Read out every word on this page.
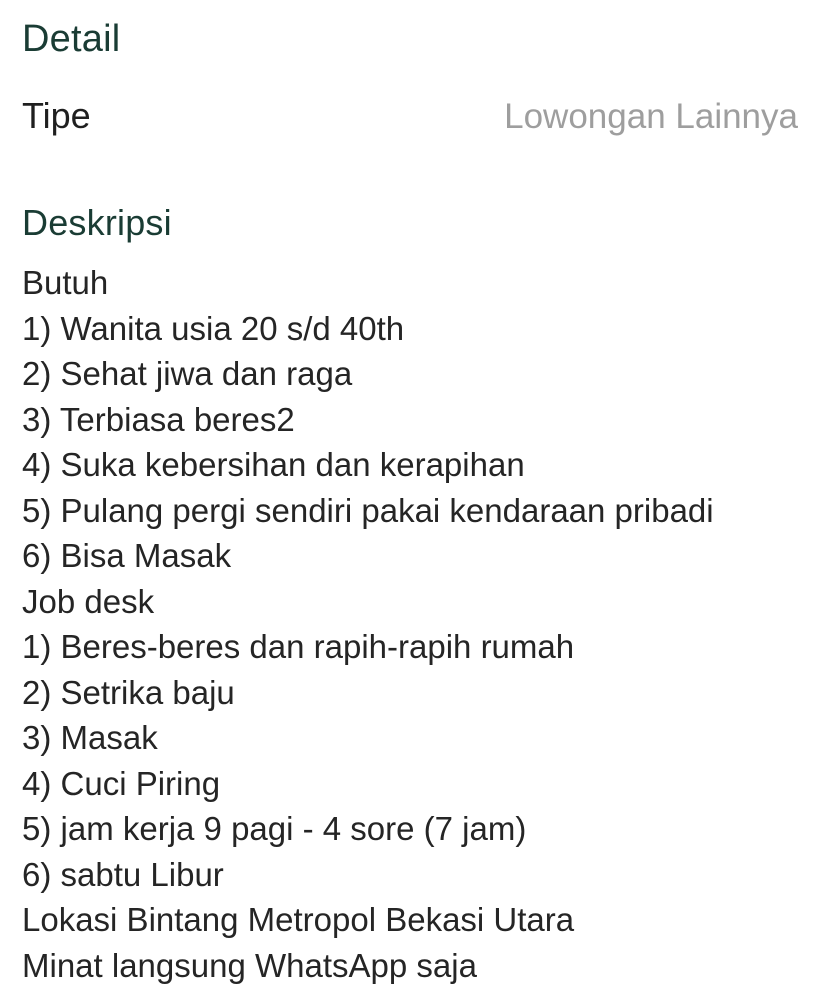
Detail
Tipe	Lowongan Lainnya
Deskripsi
Butuh
1) Wanita usia 20 s/d 40th
2) Sehat jiwa dan raga
3) Terbiasa beres2
4) Suka kebersihan dan kerapihan
5) Pulang pergi sendiri pakai kendaraan pribadi
6) Bisa Masak
Job desk
1) Beres-beres dan rapih-rapih rumah
2) Setrika baju
3) Masak
4) Cuci Piring
5) jam kerja 9 pagi - 4 sore (7 jam)
6) sabtu Libur
Lokasi Bintang Metropol Bekasi Utara
Minat langsung WhatsApp saja
